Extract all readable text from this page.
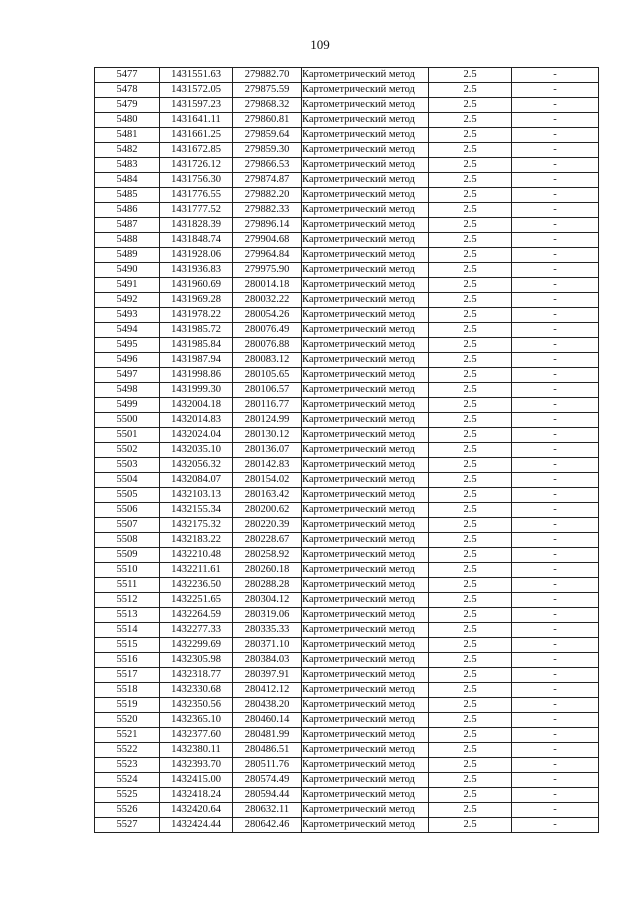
109
5477	1431551.63	279882.70	Картометрический метод	2.5	-
5478	1431572.05	279875.59	Картометрический метод	2.5	-
5479	1431597.23	279868.32	Картометрический метод	2.5	-
5480	1431641.11	279860.81	Картометрический метод	2.5	-
5481	1431661.25	279859.64	Картометрический метод	2.5	-
5482	1431672.85	279859.30	Картометрический метод	2.5	-
5483	1431726.12	279866.53	Картометрический метод	2.5	-
5484	1431756.30	279874.87	Картометрический метод	2.5	-
5485	1431776.55	279882.20	Картометрический метод	2.5	-
5486	1431777.52	279882.33	Картометрический метод	2.5	-
5487	1431828.39	279896.14	Картометрический метод	2.5	-
5488	1431848.74	279904.68	Картометрический метод	2.5	-
5489	1431928.06	279964.84	Картометрический метод	2.5	-
5490	1431936.83	279975.90	Картометрический метод	2.5	-
5491	1431960.69	280014.18	Картометрический метод	2.5	-
5492	1431969.28	280032.22	Картометрический метод	2.5	-
5493	1431978.22	280054.26	Картометрический метод	2.5	-
5494	1431985.72	280076.49	Картометрический метод	2.5	-
5495	1431985.84	280076.88	Картометрический метод	2.5	-
5496	1431987.94	280083.12	Картометрический метод	2.5	-
5497	1431998.86	280105.65	Картометрический метод	2.5	-
5498	1431999.30	280106.57	Картометрический метод	2.5	-
5499	1432004.18	280116.77	Картометрический метод	2.5	-
5500	1432014.83	280124.99	Картометрический метод	2.5	-
5501	1432024.04	280130.12	Картометрический метод	2.5	-
5502	1432035.10	280136.07	Картометрический метод	2.5	-
5503	1432056.32	280142.83	Картометрический метод	2.5	-
5504	1432084.07	280154.02	Картометрический метод	2.5	-
5505	1432103.13	280163.42	Картометрический метод	2.5	-
5506	1432155.34	280200.62	Картометрический метод	2.5	-
5507	1432175.32	280220.39	Картометрический метод	2.5	-
5508	1432183.22	280228.67	Картометрический метод	2.5	-
5509	1432210.48	280258.92	Картометрический метод	2.5	-
5510	1432211.61	280260.18	Картометрический метод	2.5	-
5511	1432236.50	280288.28	Картометрический метод	2.5	-
5512	1432251.65	280304.12	Картометрический метод	2.5	-
5513	1432264.59	280319.06	Картометрический метод	2.5	-
5514	1432277.33	280335.33	Картометрический метод	2.5	-
5515	1432299.69	280371.10	Картометрический метод	2.5	-
5516	1432305.98	280384.03	Картометрический метод	2.5	-
5517	1432318.77	280397.91	Картометрический метод	2.5	-
5518	1432330.68	280412.12	Картометрический метод	2.5	-
5519	1432350.56	280438.20	Картометрический метод	2.5	-
5520	1432365.10	280460.14	Картометрический метод	2.5	-
5521	1432377.60	280481.99	Картометрический метод	2.5	-
5522	1432380.11	280486.51	Картометрический метод	2.5	-
5523	1432393.70	280511.76	Картометрический метод	2.5	-
5524	1432415.00	280574.49	Картометрический метод	2.5	-
5525	1432418.24	280594.44	Картометрический метод	2.5	-
5526	1432420.64	280632.11	Картометрический метод	2.5	-
5527	1432424.44	280642.46	Картометрический метод	2.5	-
